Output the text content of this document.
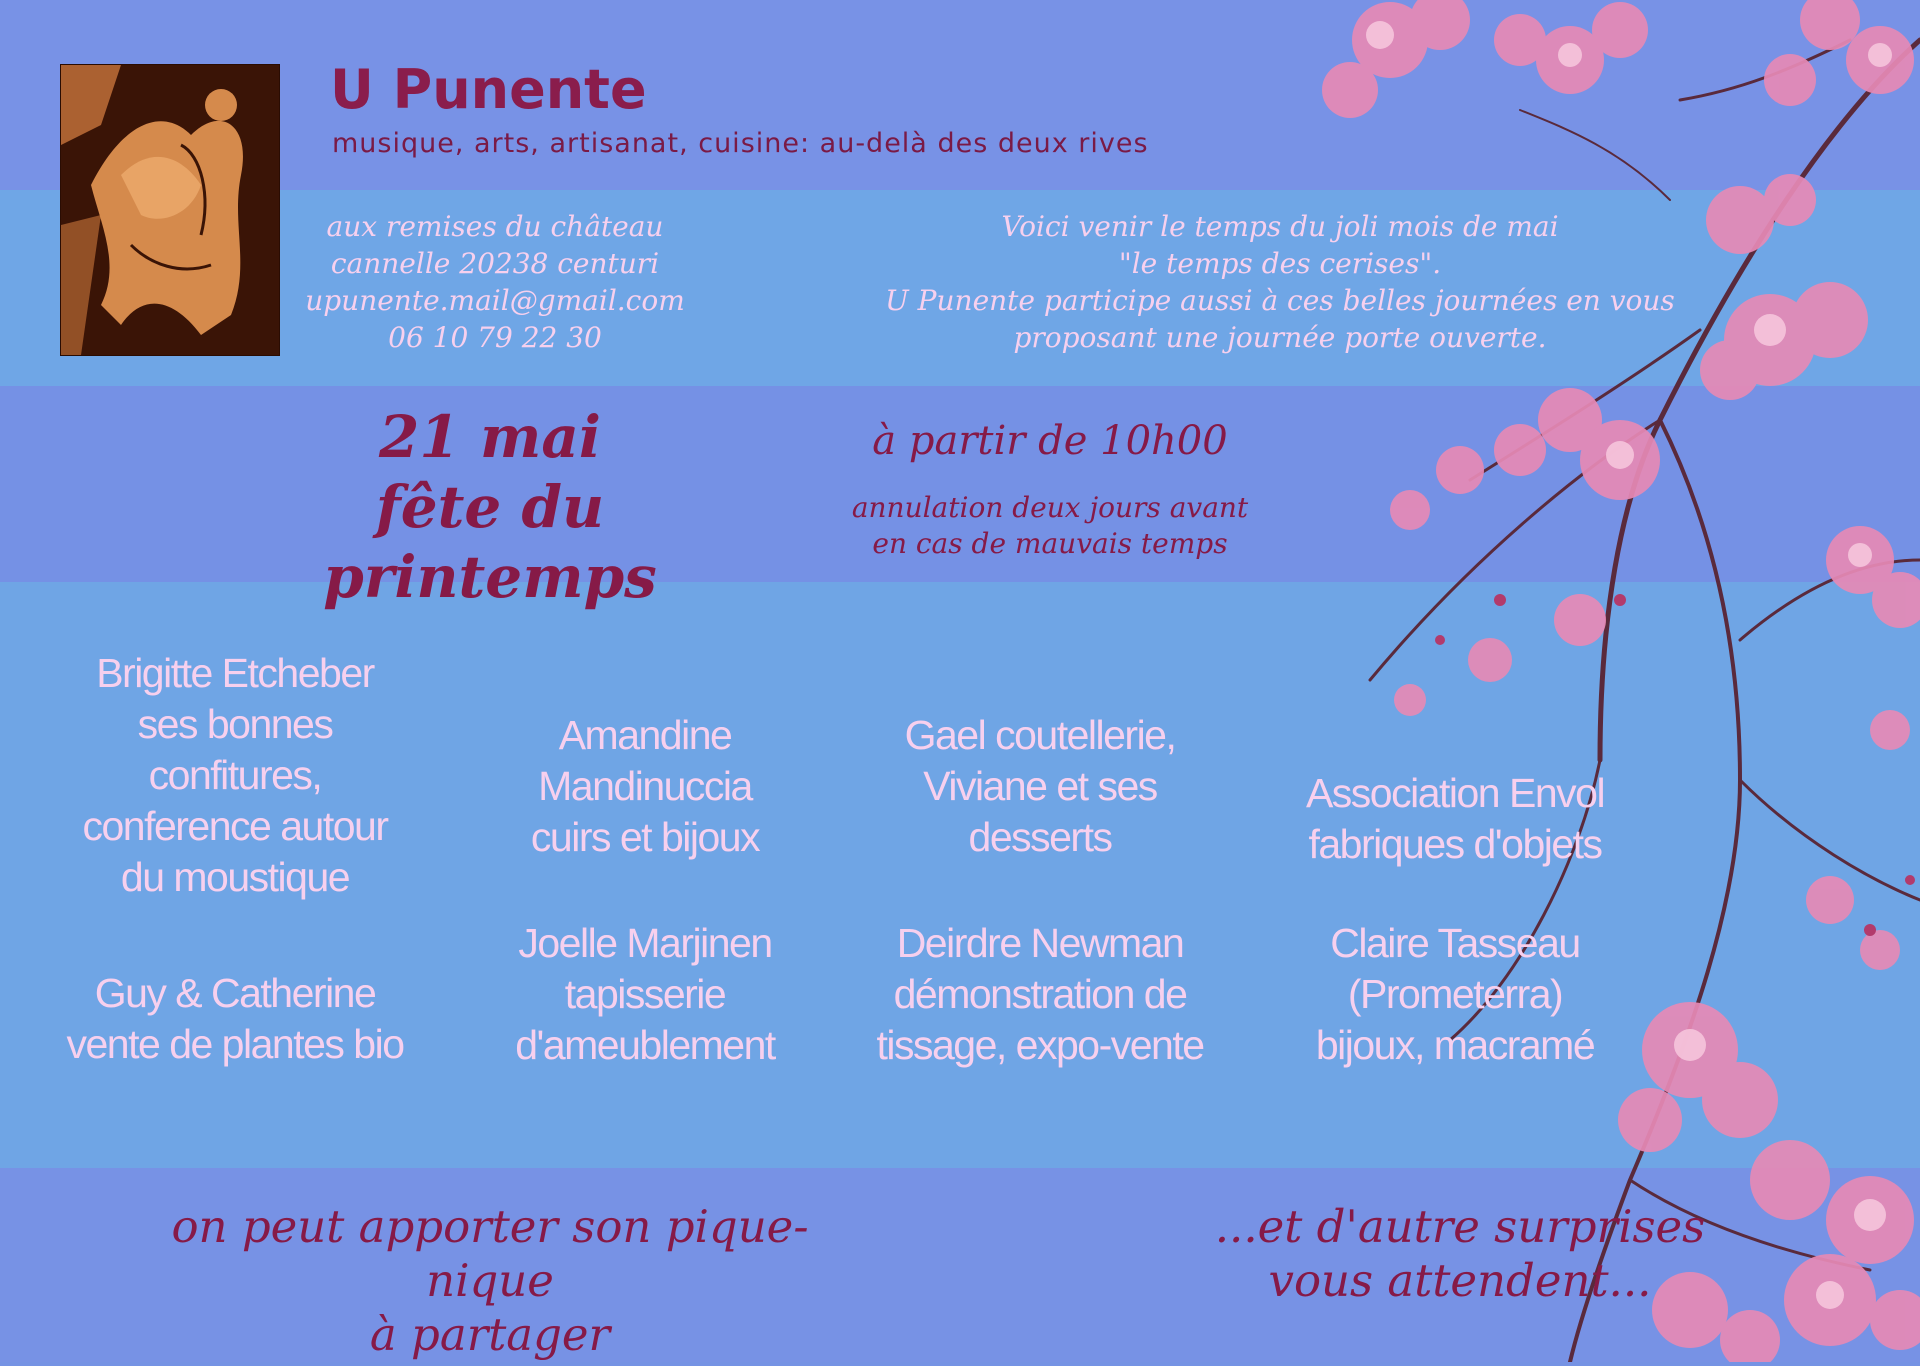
U Punente
musique, arts, artisanat, cuisine: au-delà des deux rives
aux remises du château
cannelle 20238 centuri
upunente.mail@gmail.com
06 10 79 22 30
Voici venir le temps du joli mois de mai
"le temps des cerises".
U Punente participe aussi à ces belles journées en vous
proposant une journée porte ouverte.
21 mai
fête du printemps
à partir de 10h00
annulation deux jours avant
en cas de mauvais temps
Brigitte Etcheber
ses bonnes
confitures,
conference autour
du moustique
Amandine
Mandinuccia
cuirs et bijoux
Gael coutellerie,
Viviane et ses
desserts
Association Envol
fabriques d'objets
Guy & Catherine
vente de plantes bio
Joelle Marjinen
tapisserie
d'ameublement
Deirdre Newman
démonstration de
tissage, expo-vente
Claire Tasseau
(Prometerra)
bijoux, macramé
on peut apporter son pique-nique
à partager
...et d'autre surprises
vous attendent...
